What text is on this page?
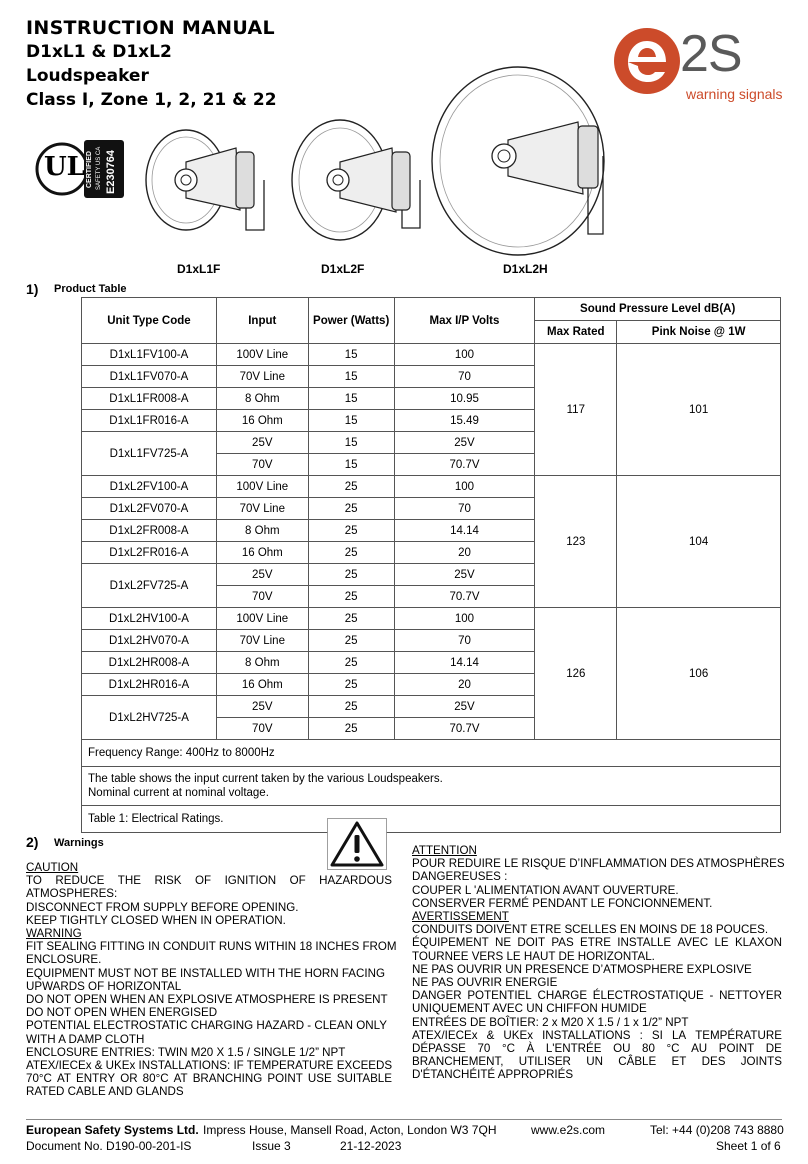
INSTRUCTION MANUAL
D1xL1 & D1xL2
Loudspeaker
Class I, Zone 1, 2, 21 & 22
2S
warning signals
UL CERTIFIED SAFETY US CA E230764
D1xL1F	D1xL2F	D1xL2H
1) Product Table
Unit Type Code	Input	Power (Watts)	Max I/P Volts	Sound Pressure Level dB(A)	
				Max Rated	Pink Noise @ 1W
D1xL1FV100-A	100V Line	15	100	117	101
D1xL1FV070-A	70V Line	15	70		
D1xL1FR008-A	8 Ohm	15	10.95		
D1xL1FR016-A	16 Ohm	15	15.49		
D1xL1FV725-A	25V	15	25V		
	70V	15	70.7V		
D1xL2FV100-A	100V Line	25	100	123	104
D1xL2FV070-A	70V Line	25	70		
D1xL2FR008-A	8 Ohm	25	14.14		
D1xL2FR016-A	16 Ohm	25	20		
D1xL2FV725-A	25V	25	25V		
	70V	25	70.7V		
D1xL2HV100-A	100V Line	25	100	126	106
D1xL2HV070-A	70V Line	25	70		
D1xL2HR008-A	8 Ohm	25	14.14		
D1xL2HR016-A	16 Ohm	25	20		
D1xL2HV725-A	25V	25	25V		
	70V	25	70.7V		
Frequency Range: 400Hz to 8000Hz					

The table shows the input current taken by the various Loudspeakers.
Nominal current at nominal voltage.					

Table 1: Electrical Ratings.					
2) Warnings
CAUTION
TO REDUCE THE RISK OF IGNITION OF HAZARDOUS
ATMOSPHERES:
DISCONNECT FROM SUPPLY BEFORE OPENING.
KEEP TIGHTLY CLOSED WHEN IN OPERATION.
WARNING
FIT SEALING FITTING IN CONDUIT RUNS WITHIN 18 INCHES FROM
ENCLOSURE.
EQUIPMENT MUST NOT BE INSTALLED WITH THE HORN FACING
UPWARDS OF HORIZONTAL
DO NOT OPEN WHEN AN EXPLOSIVE ATMOSPHERE IS PRESENT
DO NOT OPEN WHEN ENERGISED
POTENTIAL ELECTROSTATIC CHARGING HAZARD - CLEAN ONLY
WITH A DAMP CLOTH
ENCLOSURE ENTRIES: TWIN M20 X 1.5 / SINGLE 1/2” NPT
ATEX/IECEx & UKEx INSTALLATIONS: IF TEMPERATURE EXCEEDS
70°C AT ENTRY OR 80°C AT BRANCHING POINT USE SUITABLE
RATED CABLE AND GLANDS
ATTENTION
POUR REDUIRE LE RISQUE D’INFLAMMATION DES ATMOSPHÈRES
DANGEREUSES :
COUPER L 'ALIMENTATION AVANT OUVERTURE.
CONSERVER FERMÉ PENDANT LE FONCIONNEMENT.
AVERTISSEMENT
CONDUITS DOIVENT ETRE SCELLES EN MOINS DE 18 POUCES.
ÉQUIPEMENT NE DOIT PAS ETRE INSTALLE AVEC LE KLAXON
TOURNEE VERS LE HAUT DE HORIZONTAL.
NE PAS OUVRIR UN PRESENCE D’ATMOSPHERE EXPLOSIVE
NE PAS OUVRIR ENERGIE
DANGER POTENTIEL CHARGE ÉLECTROSTATIQUE - NETTOYER
UNIQUEMENT AVEC UN CHIFFON HUMIDE
ENTRÉES DE BOÎTIER: 2 x M20 X 1.5 / 1 x 1/2” NPT
ATEX/IECEx & UKEx INSTALLATIONS : SI LA TEMPÉRATURE
DÉPASSE 70 °C À L'ENTRÉE OU 80 °C AU POINT DE
BRANCHEMENT, UTILISER UN CÂBLE ET DES JOINTS
D'ÉTANCHÉITÉ APPROPRIÉS
European Safety Systems Ltd. Impress House, Mansell Road, Acton, London W3 7QH	www.e2s.com	Tel: +44 (0)208 743 8880
Document No. D190-00-201-IS	Issue 3	21-12-2023	Sheet 1 of 6
